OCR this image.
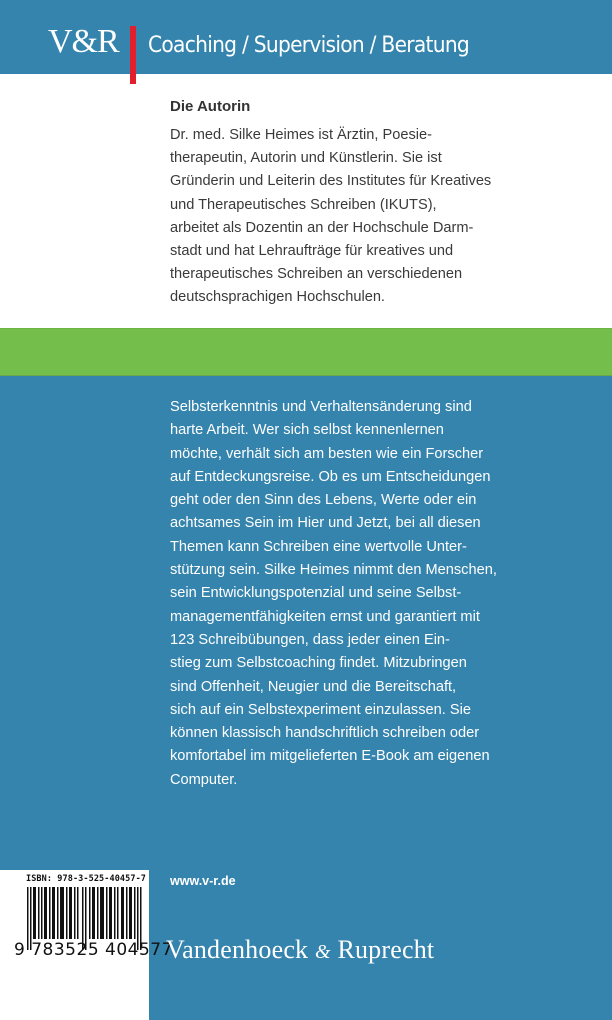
V&R Coaching / Supervision / Beratung
Die Autorin
Dr. med. Silke Heimes ist Ärztin, Poesie-
therapeutin, Autorin und Künstlerin. Sie ist
Gründerin und Leiterin des Institutes für Kreatives
und Therapeutisches Schreiben (IKUTS),
arbeitet als Dozentin an der Hochschule Darm-
stadt und hat Lehraufträge für kreatives und
therapeutisches Schreiben an verschiedenen
deutschsprachigen Hochschulen.
Selbsterkenntnis und Verhaltensänderung sind
harte Arbeit. Wer sich selbst kennenlernen
möchte, verhält sich am besten wie ein Forscher
auf Entdeckungsreise. Ob es um Entscheidungen
geht oder den Sinn des Lebens, Werte oder ein
achtsames Sein im Hier und Jetzt, bei all diesen
Themen kann Schreiben eine wertvolle Unter-
stützung sein. Silke Heimes nimmt den Menschen,
sein Entwicklungspotenzial und seine Selbst-
managementfähigkeiten ernst und garantiert mit
123 Schreibübungen, dass jeder einen Ein-
stieg zum Selbstcoaching findet. Mitzubringen
sind Offenheit, Neugier und die Bereitschaft,
sich auf ein Selbstexperiment einzulassen. Sie
können klassisch handschriftlich schreiben oder
komfortabel im mitgelieferten E-Book am eigenen
Computer.
ISBN: 978-3-525-40457-7
9 783525 404577
www.v-r.de
Vandenhoeck & Ruprecht
